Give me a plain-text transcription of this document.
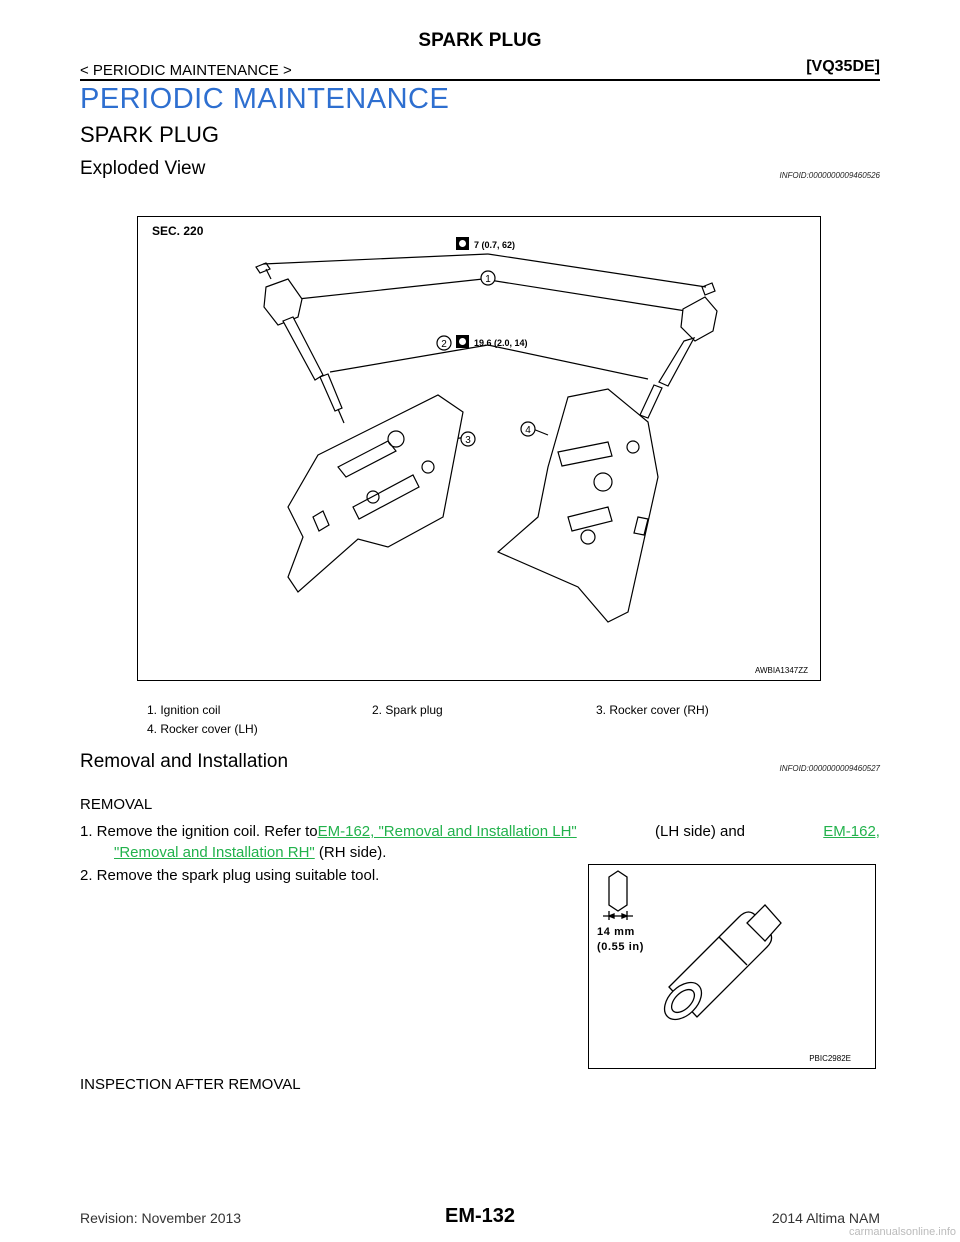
SPARK PLUG
< PERIODIC MAINTENANCE >	[VQ35DE]
PERIODIC MAINTENANCE
SPARK PLUG
Exploded View	INFOID:0000000009460526
SEC. 220
7 (0.7, 62)
19.6 (2.0, 14)
1
2
3
4
AWBIA1347ZZ
1. Ignition coil	2. Spark plug	3. Rocker cover (RH)
4. Rocker cover (LH)
Removal and Installation	INFOID:0000000009460527
REMOVAL
1. Remove the ignition coil. Refer to EM-162, "Removal and Installation LH"	(LH side) and	EM-162,
"Removal and Installation RH" (RH side).
2. Remove the spark plug using suitable tool.
14 mm
(0.55 in)
PBIC2982E
INSPECTION AFTER REMOVAL
Revision: November 2013	EM-132	2014 Altima NAM
carmanualsonline.info
